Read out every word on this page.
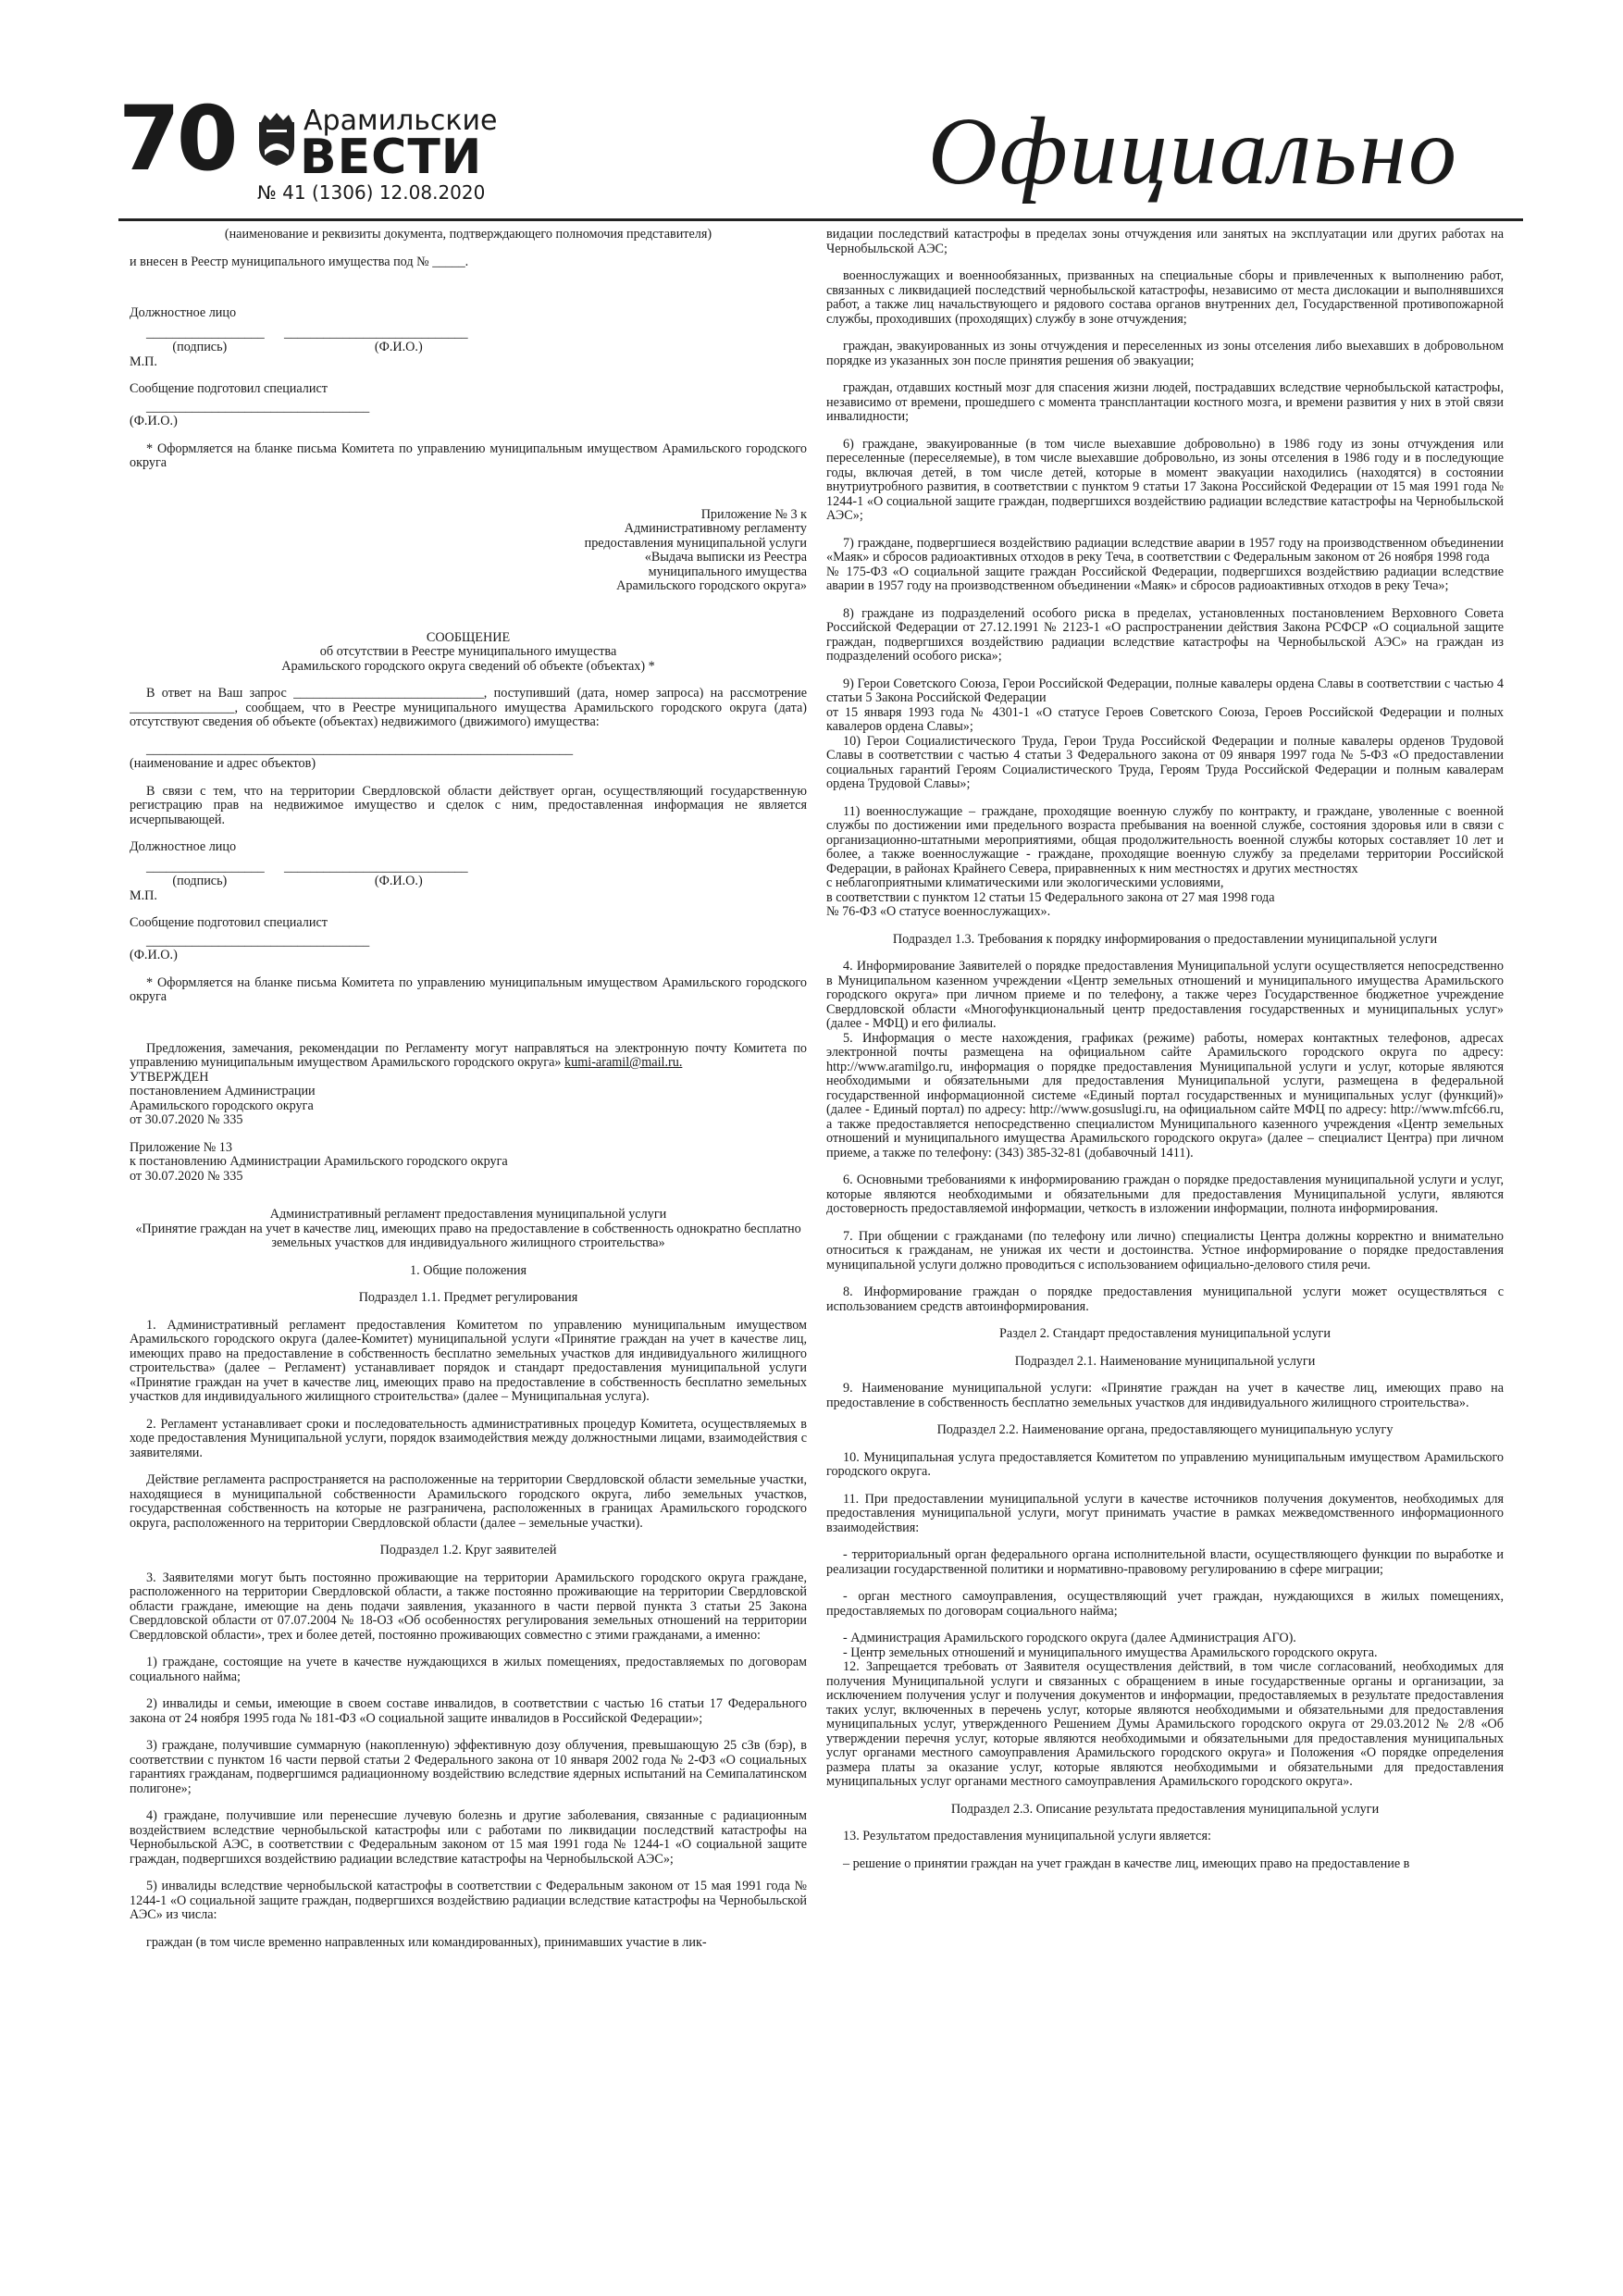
70 Арамильские
ВЕСТИ
№ 41 (1306) 12.08.2020	Официально

(наименование и реквизиты документа, подтверждающего полномочия представителя)

и внесен в Реестр муниципального имущества под № _____.

Должностное лицо

__________________      ____________________________

(подпись)                                             (Ф.И.О.)

М.П.

Сообщение подготовил специалист

__________________________________

(Ф.И.О.)

* Оформляется на бланке письма Комитета по управлению муниципальным имуществом Арамильского городского округа

Приложение № 3 к

Административному регламенту

предоставления муниципальной услуги

«Выдача выписки из Реестра

муниципального имущества

Арамильского городского округа»

СООБЩЕНИЕ

об отсутствии в Реестре муниципального имущества

Арамильского городского округа сведений об объекте (объектах) *

В ответ на Ваш запрос _____________________________, поступивший (дата, номер запроса) на рассмотрение ________________, сообщаем, что в Реестре муниципального имущества Арамильского городского округа (дата) отсутствуют сведения об объекте (объектах) недвижимого (движимого) имущества:

_________________________________________________________________

(наименование и адрес объектов)

В связи с тем, что на территории Свердловской области действует орган, осуществляющий государственную регистрацию прав на недвижимое имущество и сделок с ним, предоставленная информация не является исчерпывающей.

Должностное лицо

__________________      ____________________________

(подпись)                                             (Ф.И.О.)

М.П.

Сообщение подготовил специалист

__________________________________

(Ф.И.О.)

* Оформляется на бланке письма Комитета по управлению муниципальным имуществом Арамильского городского округа

Предложения, замечания, рекомендации по Регламенту могут направляться на электронную почту Комитета по управлению муниципальным имуществом Арамильского городского округа» kumi-aramil@mail.ru.

УТВЕРЖДЕН

постановлением Администрации

Арамильского городского округа

от 30.07.2020 № 335

Приложение № 13

к постановлению Администрации Арамильского городского округа

от 30.07.2020 № 335

Административный регламент предоставления муниципальной услуги

«Принятие граждан на учет в качестве лиц, имеющих право на предоставление в собственность однократно бесплатно земельных участков для индивидуального жилищного строительства»

1. Общие положения

Подраздел 1.1. Предмет регулирования

1. Административный регламент предоставления Комитетом по управлению муниципальным имуществом Арамильского городского округа (далее-Комитет) муниципальной услуги «Принятие граждан на учет в качестве лиц, имеющих право на предоставление в собственность бесплатно земельных участков для индивидуального жилищного строительства» (далее – Регламент) устанавливает порядок и стандарт предоставления муниципальной услуги «Принятие граждан на учет в качестве лиц, имеющих право на предоставление в собственность бесплатно земельных участков для индивидуального жилищного строительства» (далее – Муниципальная услуга).

2. Регламент устанавливает сроки и последовательность административных процедур Комитета, осуществляемых в ходе предоставления Муниципальной услуги, порядок взаимодействия между должностными лицами, взаимодействия с заявителями.

Действие регламента распространяется на расположенные на территории Свердловской области земельные участки, находящиеся в муниципальной собственности Арамильского городского округа, либо земельных участков, государственная собственность на которые не разграничена, расположенных в границах Арамильского городского округа, расположенного на территории Свердловской области (далее – земельные участки).

Подраздел 1.2. Круг заявителей

3. Заявителями могут быть постоянно проживающие на территории Арамильского городского округа граждане, расположенного на территории Свердловской области, а также постоянно проживающие на территории Свердловской области граждане, имеющие на день подачи заявления, указанного в части первой пункта 3 статьи 25 Закона Свердловской области от 07.07.2004 № 18-ОЗ «Об особенностях регулирования земельных отношений на территории Свердловской области», трех и более детей, постоянно проживающих совместно с этими гражданами, а именно:

1) граждане, состоящие на учете в качестве нуждающихся в жилых помещениях, предоставляемых по договорам социального найма;

2) инвалиды и семьи, имеющие в своем составе инвалидов, в соответствии с частью 16 статьи 17 Федерального закона от 24 ноября 1995 года № 181-ФЗ «О социальной защите инвалидов в Российской Федерации»;

3) граждане, получившие суммарную (накопленную) эффективную дозу облучения, превышающую 25 сЗв (бэр), в соответствии с пунктом 16 части первой статьи 2 Федерального закона от 10 января 2002 года № 2-ФЗ «О социальных гарантиях гражданам, подвергшимся радиационному воздействию вследствие ядерных испытаний на Семипалатинском полигоне»;

4) граждане, получившие или перенесшие лучевую болезнь и другие заболевания, связанные с радиационным воздействием вследствие чернобыльской катастрофы или с работами по ликвидации последствий катастрофы на Чернобыльской АЭС, в соответствии с Федеральным законом от 15 мая 1991 года № 1244-1 «О социальной защите граждан, подвергшихся воздействию радиации вследствие катастрофы на Чернобыльской АЭС»;

5) инвалиды вследствие чернобыльской катастрофы в соответствии с Федеральным законом от 15 мая 1991 года № 1244-1 «О социальной защите граждан, подвергшихся воздействию радиации вследствие катастрофы на Чернобыльской АЭС» из числа:

граждан (в том числе временно направленных или командированных), принимавших участие в лик-

видации последствий катастрофы в пределах зоны отчуждения или занятых на эксплуатации или других работах на Чернобыльской АЭС;

военнослужащих и военнообязанных, призванных на специальные сборы и привлеченных к выполнению работ, связанных с ликвидацией последствий чернобыльской катастрофы, независимо от места дислокации и выполнявшихся работ, а также лиц начальствующего и рядового состава органов внутренних дел, Государственной противопожарной службы, проходивших (проходящих) службу в зоне отчуждения;

граждан, эвакуированных из зоны отчуждения и переселенных из зоны отселения либо выехавших в добровольном порядке из указанных зон после принятия решения об эвакуации;

граждан, отдавших костный мозг для спасения жизни людей, пострадавших вследствие чернобыльской катастрофы, независимо от времени, прошедшего с момента трансплантации костного мозга, и времени развития у них в этой связи инвалидности;

6) граждане, эвакуированные (в том числе выехавшие добровольно) в 1986 году из зоны отчуждения или переселенные (переселяемые), в том числе выехавшие добровольно, из зоны отселения в 1986 году и в последующие годы, включая детей, в том числе детей, которые в момент эвакуации находились (находятся) в состоянии внутриутробного развития, в соответствии с пунктом 9 статьи 17 Закона Российской Федерации от 15 мая 1991 года № 1244-1 «О социальной защите граждан, подвергшихся воздействию радиации вследствие катастрофы на Чернобыльской АЭС»;

7) граждане, подвергшиеся воздействию радиации вследствие аварии в 1957 году на производственном объединении «Маяк» и сбросов радиоактивных отходов в реку Теча, в соответствии с Федеральным законом от 26 ноября 1998 года

№ 175-ФЗ «О социальной защите граждан Российской Федерации, подвергшихся воздействию радиации вследствие аварии в 1957 году на производственном объединении «Маяк» и сбросов радиоактивных отходов в реку Теча»;

8) граждане из подразделений особого риска в пределах, установленных постановлением Верховного Совета Российской Федерации от 27.12.1991 № 2123-1 «О распространении действия Закона РСФСР «О социальной защите граждан, подвергшихся воздействию радиации вследствие катастрофы на Чернобыльской АЭС» на граждан из подразделений особого риска»;

9) Герои Советского Союза, Герои Российской Федерации, полные кавалеры ордена Славы в соответствии с частью 4 статьи 5 Закона Российской Федерации

от 15 января 1993 года № 4301-1 «О статусе Героев Советского Союза, Героев Российской Федерации и полных кавалеров ордена Славы»;

10) Герои Социалистического Труда, Герои Труда Российской Федерации и полные кавалеры орденов Трудовой Славы в соответствии с частью 4 статьи 3 Федерального закона от 09 января 1997 года № 5-ФЗ «О предоставлении социальных гарантий Героям Социалистического Труда, Героям Труда Российской Федерации и полным кавалерам ордена Трудовой Славы»;

11) военнослужащие – граждане, проходящие военную службу по контракту, и граждане, уволенные с военной службы по достижении ими предельного возраста пребывания на военной службе, состояния здоровья или в связи с организационно-штатными мероприятиями, общая продолжительность военной службы которых составляет 10 лет и более, а также военнослужащие - граждане, проходящие военную службу за пределами территории Российской Федерации, в районах Крайнего Севера, приравненных к ним местностях и других местностях

с неблагоприятными климатическими или экологическими условиями,

в соответствии с пунктом 12 статьи 15 Федерального закона от 27 мая 1998 года

№ 76-ФЗ «О статусе военнослужащих».

Подраздел 1.3. Требования к порядку информирования о предоставлении муниципальной услуги

4. Информирование Заявителей о порядке предоставления Муниципальной услуги осуществляется непосредственно в Муниципальном казенном учреждении «Центр земельных отношений и муниципального имущества Арамильского городского округа» при личном приеме и по телефону, а также через Государственное бюджетное учреждение Свердловской области «Многофункциональный центр предоставления государственных и муниципальных услуг» (далее - МФЦ) и его филиалы.

5. Информация о месте нахождения, графиках (режиме) работы, номерах контактных телефонов, адресах электронной почты размещена на официальном сайте Арамильского городского округа по адресу: http://www.aramilgo.ru, информация о порядке предоставления Муниципальной услуги и услуг, которые являются необходимыми и обязательными для предоставления Муниципальной услуги, размещена в федеральной государственной информационной системе «Единый портал государственных и муниципальных услуг (функций)» (далее - Единый портал) по адресу: http://www.gosuslugi.ru, на официальном сайте МФЦ по адресу: http://www.mfc66.ru, а также предоставляется непосредственно специалистом Муниципального казенного учреждения «Центр земельных отношений и муниципального имущества Арамильского городского округа» (далее – специалист Центра) при личном приеме, а также по телефону: (343) 385-32-81 (добавочный 1411).

6. Основными требованиями к информированию граждан о порядке предоставления муниципальной услуги и услуг, которые являются необходимыми и обязательными для предоставления Муниципальной услуги, являются достоверность предоставляемой информации, четкость в изложении информации, полнота информирования.

7. При общении с гражданами (по телефону или лично) специалисты Центра должны корректно и внимательно относиться к гражданам, не унижая их чести и достоинства. Устное информирование о порядке предоставления муниципальной услуги должно проводиться с использованием официально-делового стиля речи.

8. Информирование граждан о порядке предоставления муниципальной услуги может осуществляться с использованием средств автоинформирования.

Раздел 2. Стандарт предоставления муниципальной услуги

Подраздел 2.1. Наименование муниципальной услуги

9. Наименование муниципальной услуги: «Принятие граждан на учет в качестве лиц, имеющих право на предоставление в собственность бесплатно земельных участков для индивидуального жилищного строительства».

Подраздел 2.2. Наименование органа, предоставляющего муниципальную услугу

10. Муниципальная услуга предоставляется Комитетом по управлению муниципальным имуществом Арамильского городского округа.

11. При предоставлении муниципальной услуги в качестве источников получения документов, необходимых для предоставления муниципальной услуги, могут принимать участие в рамках межведомственного информационного взаимодействия:

- территориальный орган федерального органа исполнительной власти, осуществляющего функции по выработке и реализации государственной политики и нормативно-правовому регулированию в сфере миграции;

- орган местного самоуправления, осуществляющий учет граждан, нуждающихся в жилых помещениях, предоставляемых по договорам социального найма;

- Администрация Арамильского городского округа (далее Администрация АГО).

- Центр земельных отношений и муниципального имущества Арамильского городского округа.

12. Запрещается требовать от Заявителя осуществления действий, в том числе согласований, необходимых для получения Муниципальной услуги и связанных с обращением в иные государственные органы и организации, за исключением получения услуг и получения документов и информации, предоставляемых в результате предоставления таких услуг, включенных в перечень услуг, которые являются необходимыми и обязательными для предоставления муниципальных услуг, утвержденного Решением Думы Арамильского городского округа от 29.03.2012 № 2/8 «Об утверждении перечня услуг, которые являются необходимыми и обязательными для предоставления муниципальных услуг органами местного самоуправления Арамильского городского округа» и Положения «О порядке определения размера платы за оказание услуг, которые являются необходимыми и обязательными для предоставления муниципальных услуг органами местного самоуправления Арамильского городского округа».

Подраздел 2.3. Описание результата предоставления муниципальной услуги

13. Результатом предоставления муниципальной услуги является:

– решение о принятии граждан на учет граждан в качестве лиц, имеющих право на предоставление в
